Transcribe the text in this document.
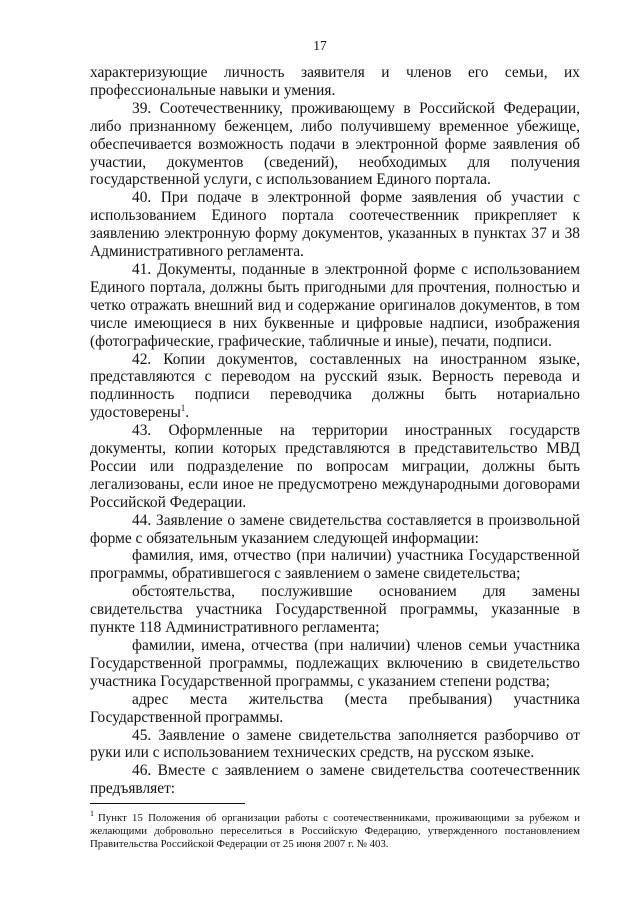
17

характеризующие личность заявителя и членов его семьи, их профессиональные навыки и умения.

39. Соотечественнику, проживающему в Российской Федерации, либо признанному беженцем, либо получившему временное убежище, обеспечивается возможность подачи в электронной форме заявления об участии, документов (сведений), необходимых для получения государственной услуги, с использованием Единого портала.

40. При подаче в электронной форме заявления об участии с использованием Единого портала соотечественник прикрепляет к заявлению электронную форму документов, указанных в пунктах 37 и 38 Административного регламента.

41. Документы, поданные в электронной форме с использованием Единого портала, должны быть пригодными для прочтения, полностью и четко отражать внешний вид и содержание оригиналов документов, в том числе имеющиеся в них буквенные и цифровые надписи, изображения (фотографические, графические, табличные и иные), печати, подписи.

42. Копии документов, составленных на иностранном языке, представляются с переводом на русский язык. Верность перевода и подлинность подписи переводчика должны быть нотариально удостоверены$^1$.

43. Оформленные на территории иностранных государств документы, копии которых представляются в представительство МВД России или подразделение по вопросам миграции, должны быть легализованы, если иное не предусмотрено международными договорами Российской Федерации.

44. Заявление о замене свидетельства составляется в произвольной форме с обязательным указанием следующей информации:

фамилия, имя, отчество (при наличии) участника Государственной программы, обратившегося с заявлением о замене свидетельства;

обстоятельства, послужившие основанием для замены свидетельства участника Государственной программы, указанные в пункте 118 Административного регламента;

фамилии, имена, отчества (при наличии) членов семьи участника Государственной программы, подлежащих включению в свидетельство участника Государственной программы, с указанием степени родства;

адрес места жительства (места пребывания) участника Государственной программы.

45. Заявление о замене свидетельства заполняется разборчиво от руки или с использованием технических средств, на русском языке.

46. Вместе с заявлением о замене свидетельства соотечественник предъявляет:

$^1$ Пункт 15 Положения об организации работы с соотечественниками, проживающими за рубежом и желающими добровольно переселиться в Российскую Федерацию, утвержденного постановлением Правительства Российской Федерации от 25 июня 2007 г. № 403.
